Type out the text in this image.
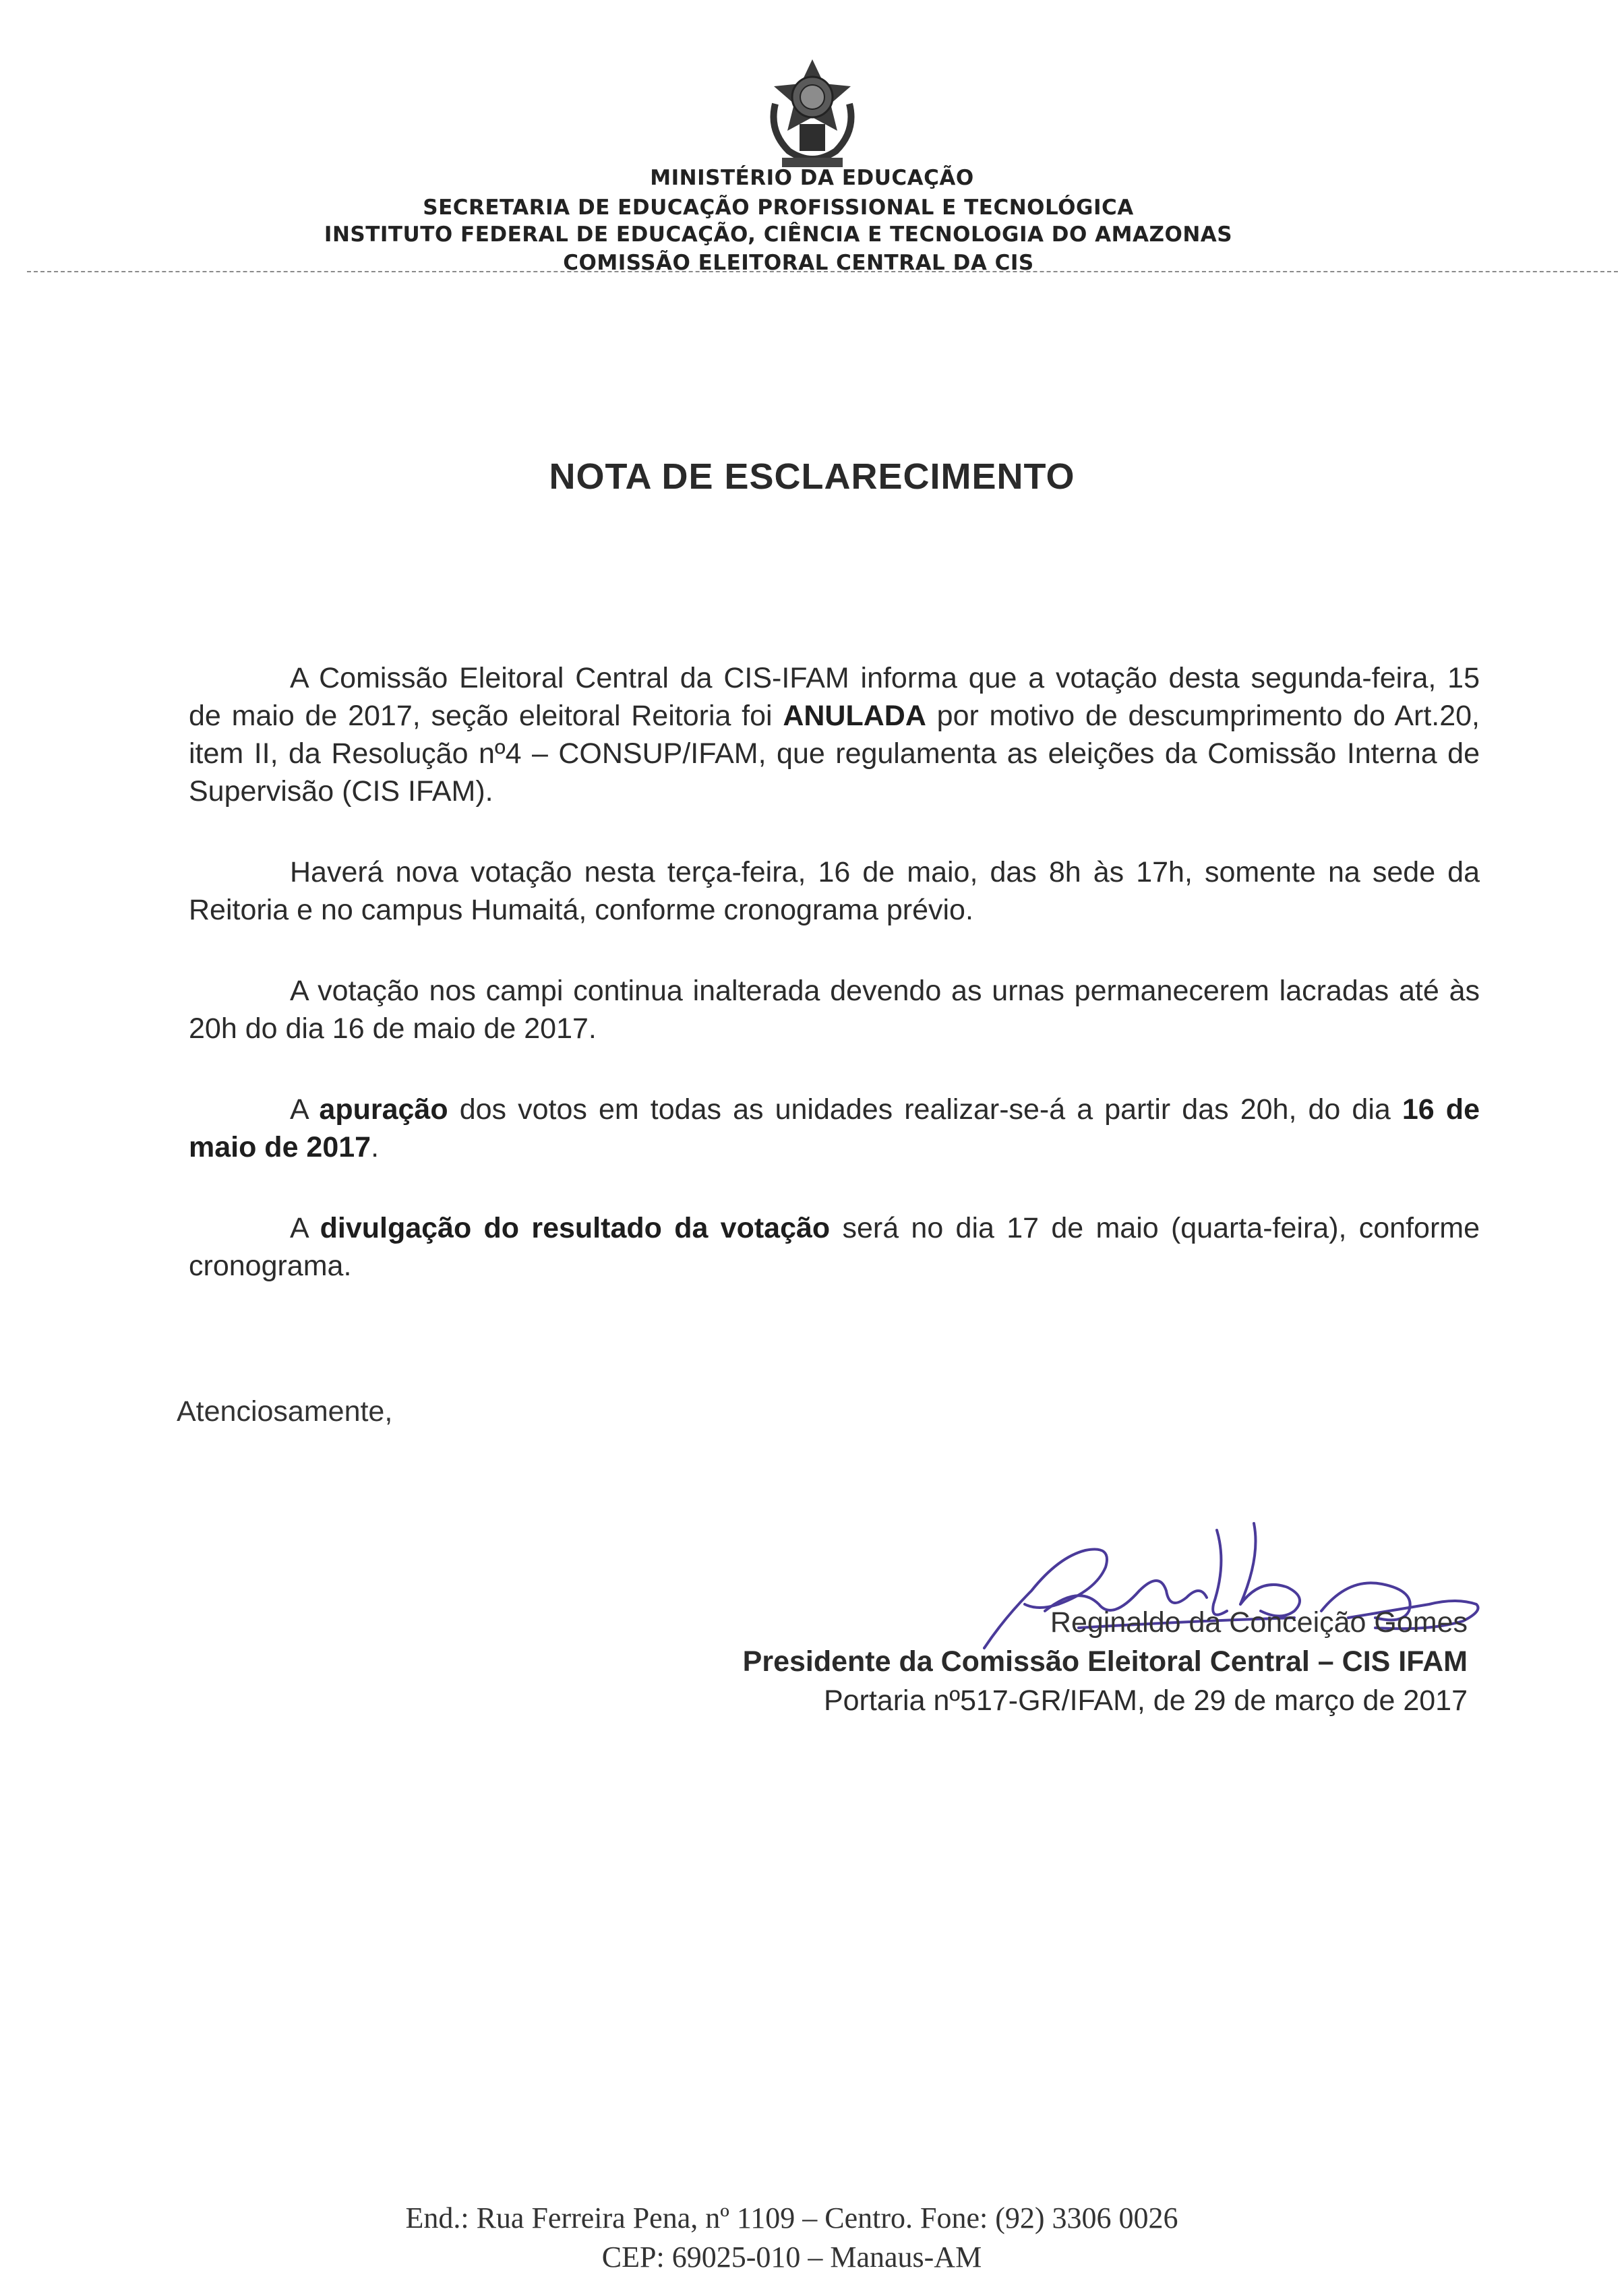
MINISTÉRIO DA EDUCAÇÃO
SECRETARIA DE EDUCAÇÃO PROFISSIONAL E TECNOLÓGICA
INSTITUTO FEDERAL DE EDUCAÇÃO, CIÊNCIA E TECNOLOGIA DO AMAZONAS
COMISSÃO ELEITORAL CENTRAL DA CIS
NOTA DE ESCLARECIMENTO

A Comissão Eleitoral Central da CIS-IFAM informa que a votação desta segunda-feira, 15 de maio de 2017, seção eleitoral Reitoria foi ANULADA por motivo de descumprimento do Art.20, item II, da Resolução nº4 – CONSUP/IFAM, que regulamenta as eleições da Comissão Interna de Supervisão (CIS IFAM).

Haverá nova votação nesta terça-feira, 16 de maio, das 8h às 17h, somente na sede da Reitoria e no campus Humaitá, conforme cronograma prévio.

A votação nos campi continua inalterada devendo as urnas permanecerem lacradas até às 20h do dia 16 de maio de 2017.

A apuração dos votos em todas as unidades realizar-se-á a partir das 20h, do dia 16 de maio de 2017.

A divulgação do resultado da votação será no dia 17 de maio (quarta-feira), conforme cronograma.

Atenciosamente,
Reginaldo da Conceição Gomes
Presidente da Comissão Eleitoral Central – CIS IFAM
Portaria nº517-GR/IFAM, de 29 de março de 2017
End.: Rua Ferreira Pena, nº 1109 – Centro. Fone: (92) 3306 0026
CEP: 69025-010 – Manaus-AM
